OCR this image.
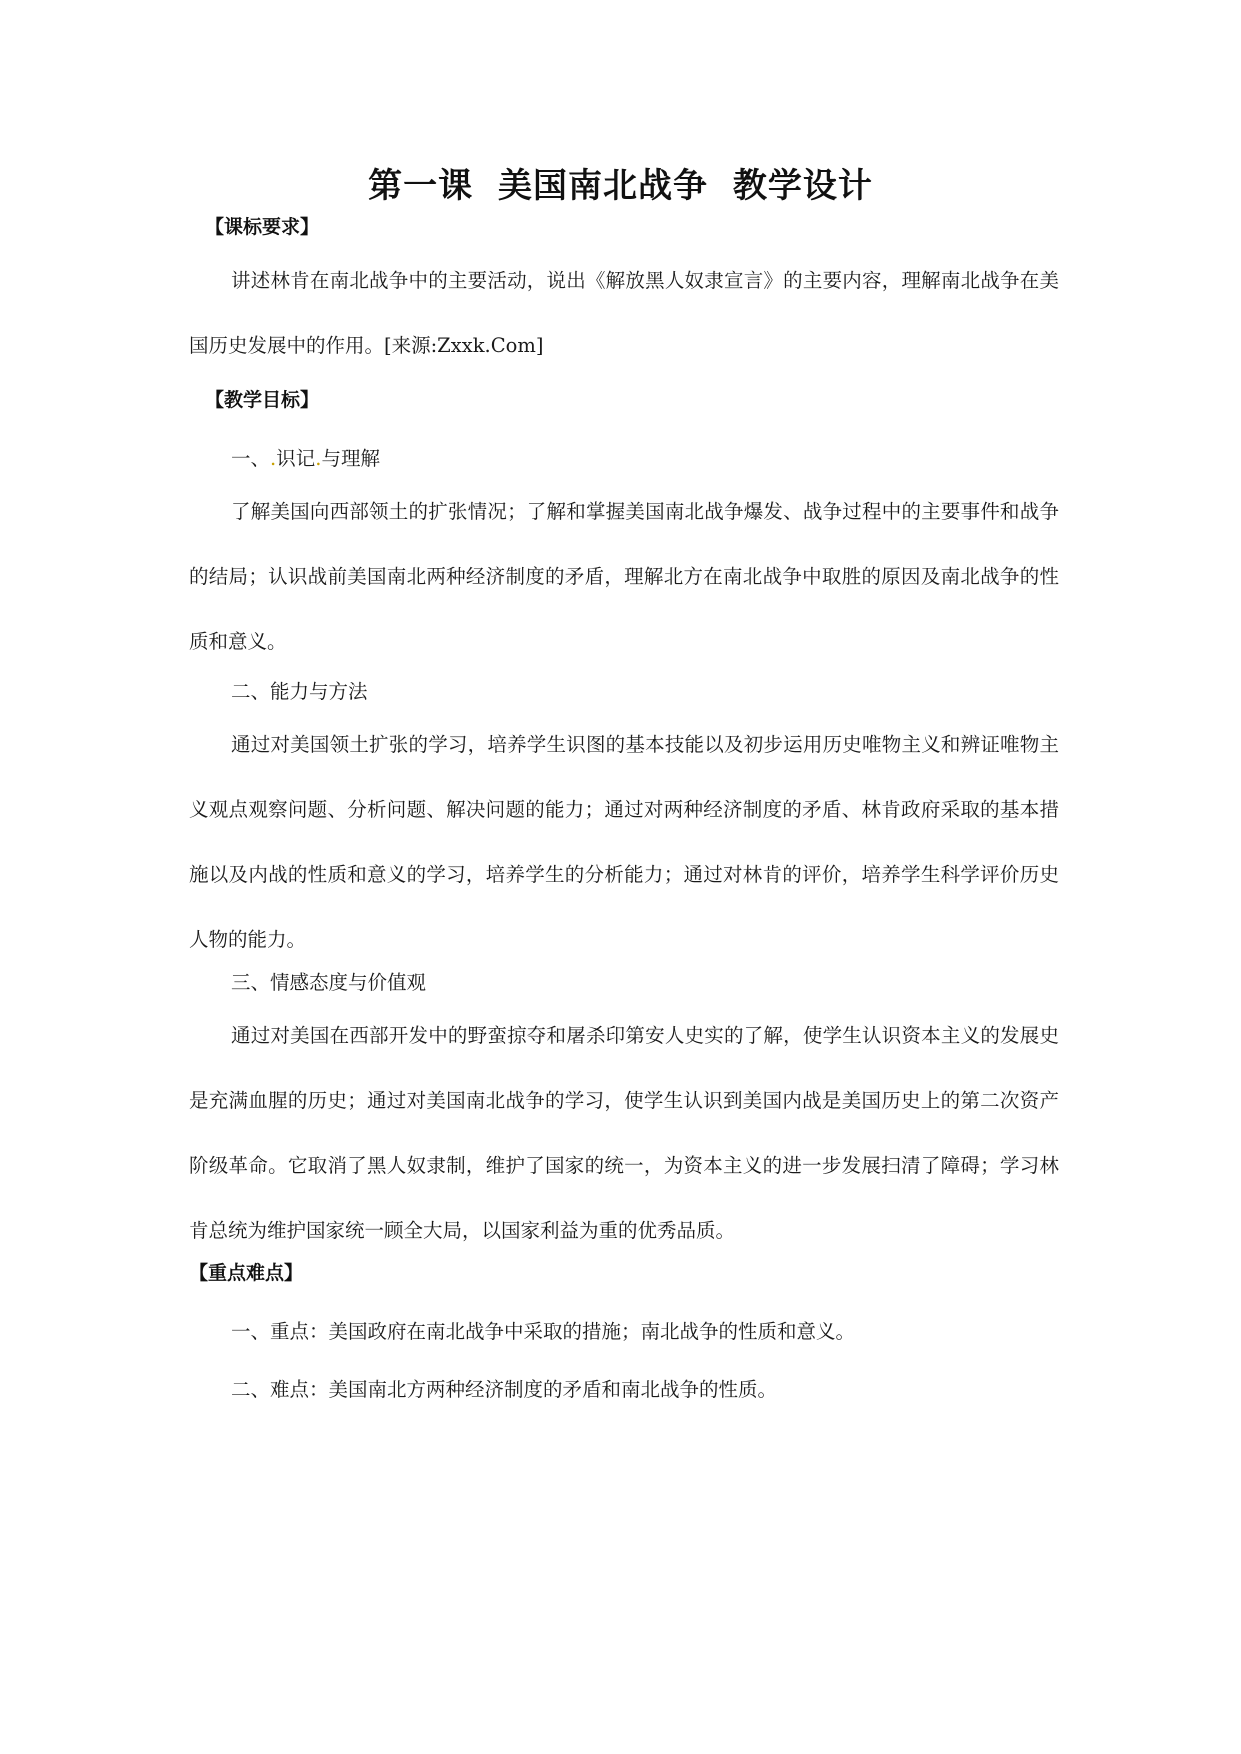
第一课 美国南北战争 教学设计
【课标要求】

讲述林肯在南北战争中的主要活动，说出《解放黑人奴隶宣言》的主要内容，理解南北战争在美国历史发展中的作用。[来源:Zxxk.Com]

【教学目标】
一、.识记.与理解

了解美国向西部领土的扩张情况；了解和掌握美国南北战争爆发、战争过程中的主要事件和战争的结局；认识战前美国南北两种经济制度的矛盾，理解北方在南北战争中取胜的原因及南北战争的性质和意义。

二、能力与方法

通过对美国领土扩张的学习，培养学生识图的基本技能以及初步运用历史唯物主义和辨证唯物主义观点观察问题、分析问题、解决问题的能力；通过对两种经济制度的矛盾、林肯政府采取的基本措施以及内战的性质和意义的学习，培养学生的分析能力；通过对林肯的评价，培养学生科学评价历史人物的能力。

三、情感态度与价值观

通过对美国在西部开发中的野蛮掠夺和屠杀印第安人史实的了解，使学生认识资本主义的发展史是充满血腥的历史；通过对美国南北战争的学习，使学生认识到美国内战是美国历史上的第二次资产阶级革命。它取消了黑人奴隶制，维护了国家的统一，为资本主义的进一步发展扫清了障碍；学习林肯总统为维护国家统一顾全大局，以国家利益为重的优秀品质。

【重点难点】
一、重点：美国政府在南北战争中采取的措施；南北战争的性质和意义。
二、难点：美国南北方两种经济制度的矛盾和南北战争的性质。
